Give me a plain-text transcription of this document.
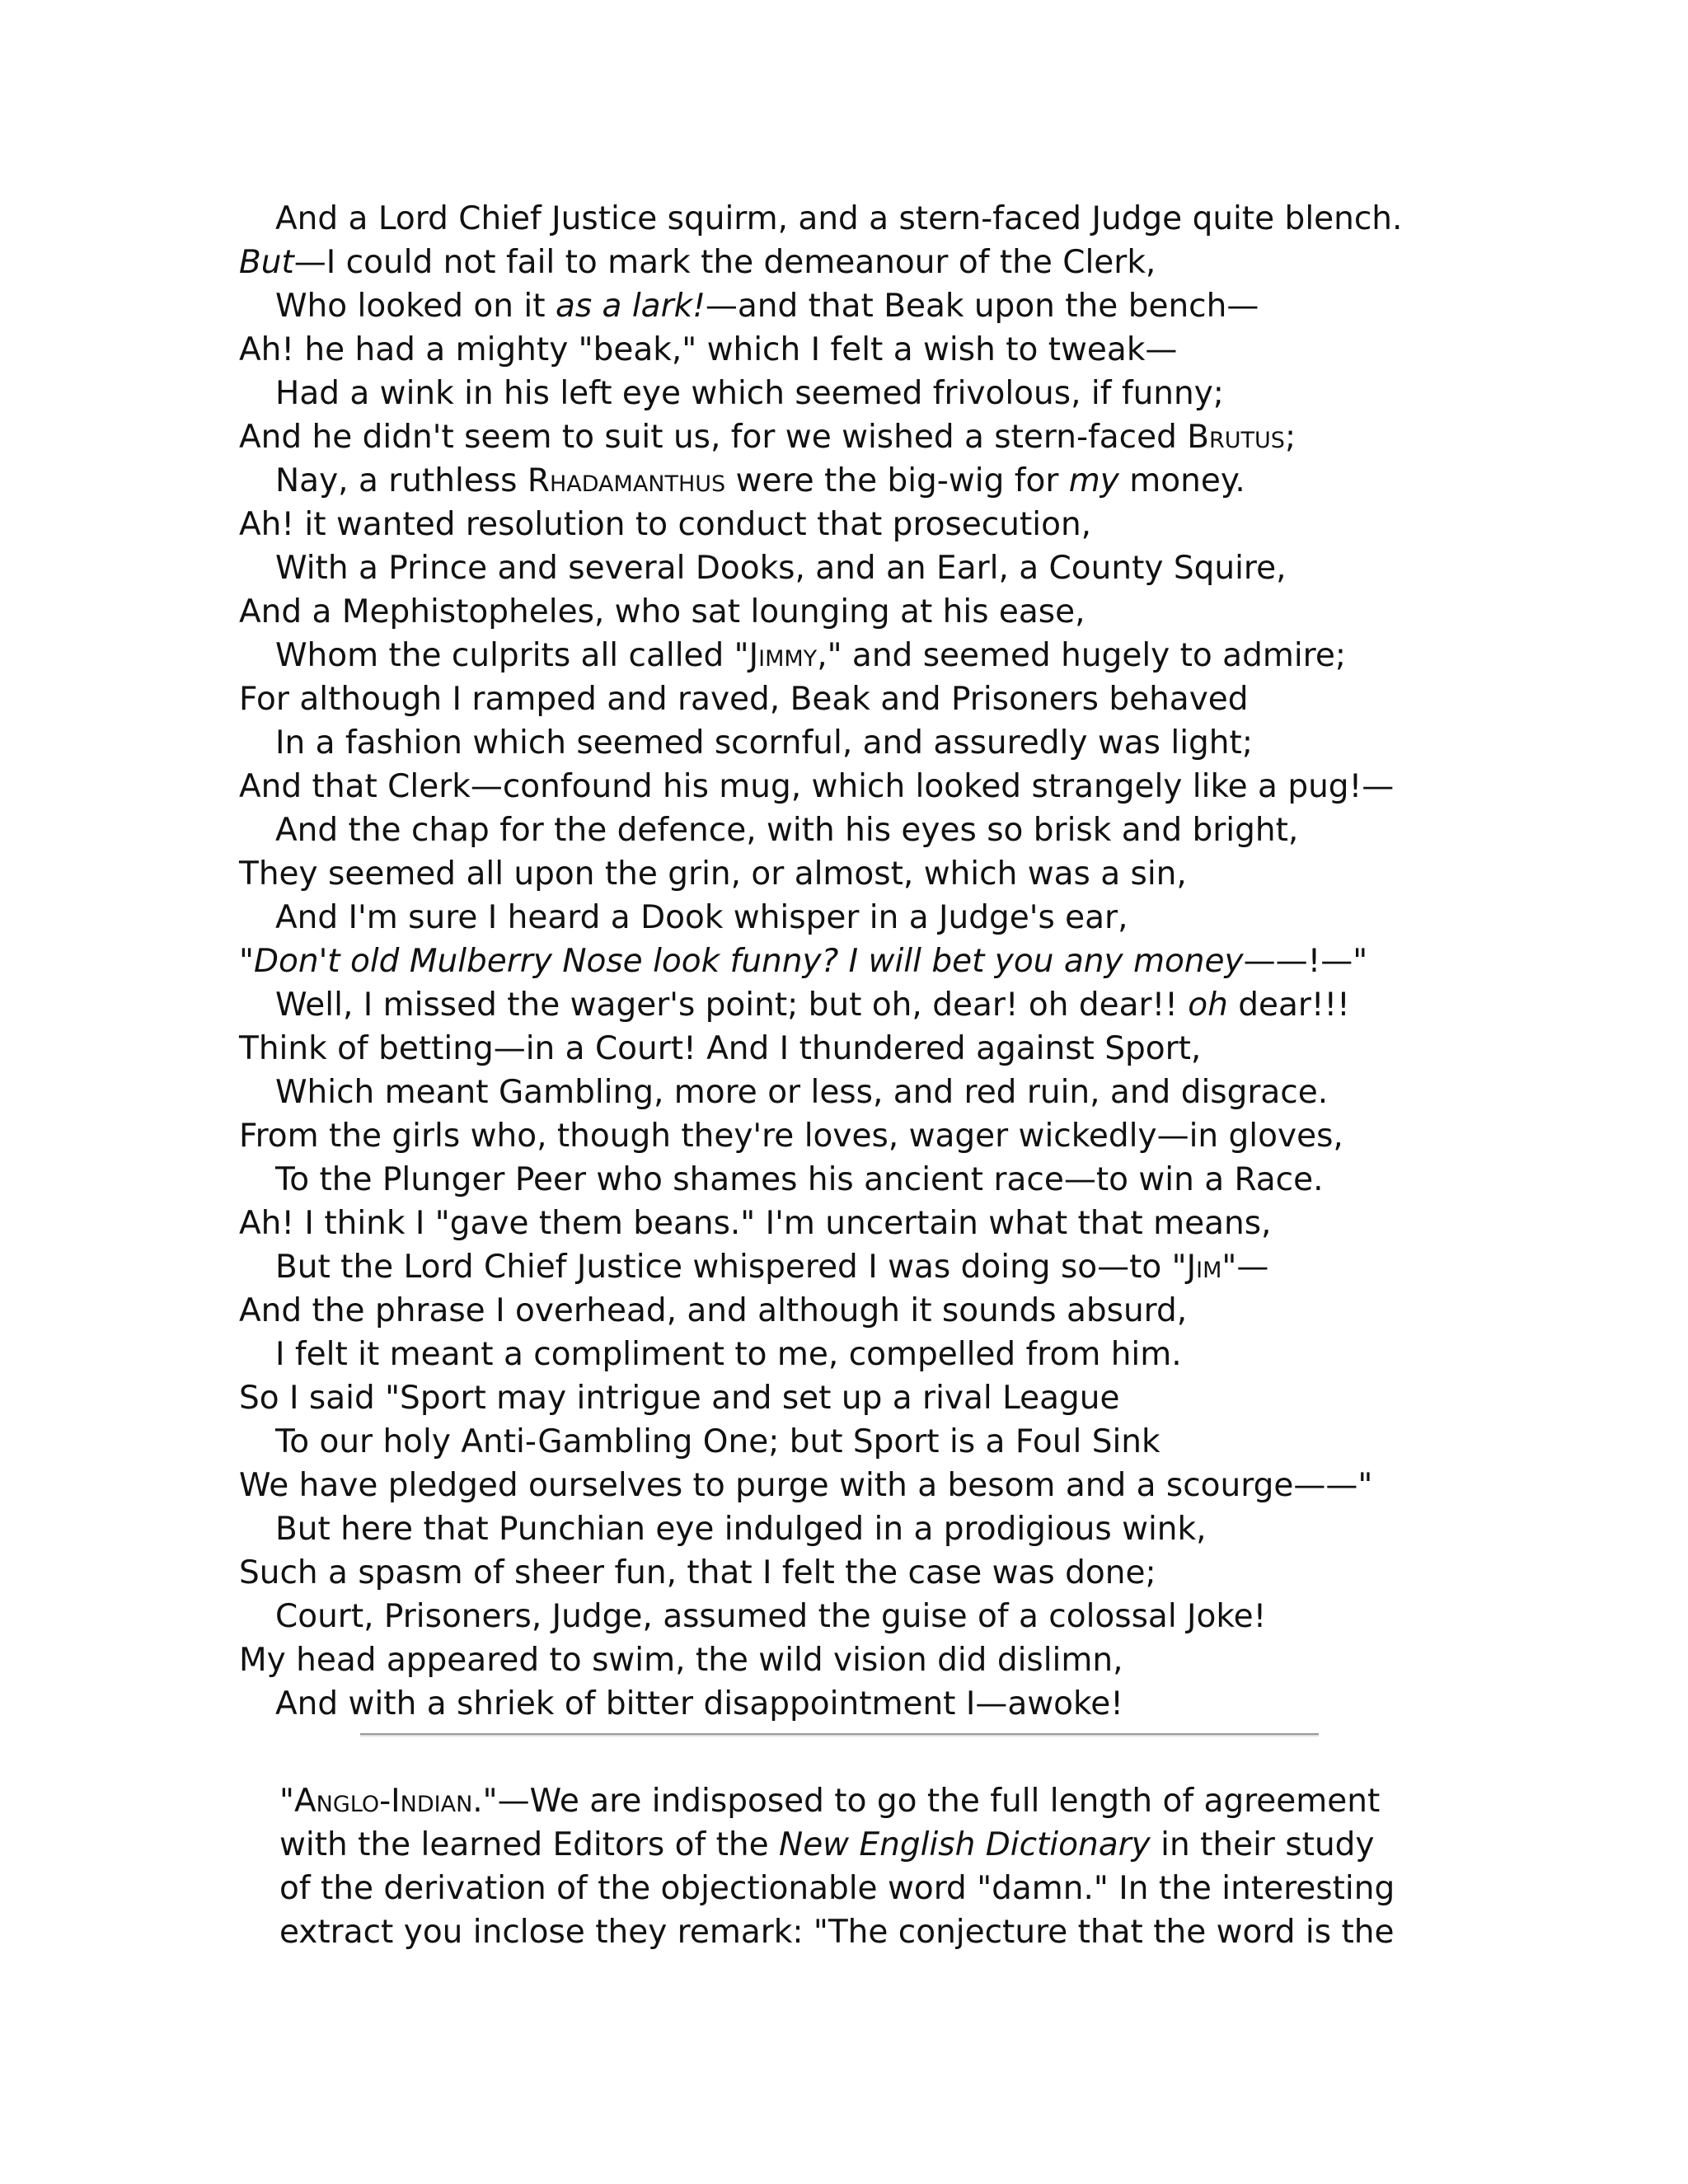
And a Lord Chief Justice squirm, and a stern-faced Judge quite blench.
But—I could not fail to mark the demeanour of the Clerk,
Who looked on it as a lark!—and that Beak upon the bench—
Ah! he had a mighty "beak," which I felt a wish to tweak—
Had a wink in his left eye which seemed frivolous, if funny;
And he didn't seem to suit us, for we wished a stern-faced Brutus;
Nay, a ruthless Rhadamanthus were the big-wig for my money.
Ah! it wanted resolution to conduct that prosecution,
With a Prince and several Dooks, and an Earl, a County Squire,
And a Mephistopheles, who sat lounging at his ease,
Whom the culprits all called "Jimmy," and seemed hugely to admire;
For although I ramped and raved, Beak and Prisoners behaved
In a fashion which seemed scornful, and assuredly was light;
And that Clerk—confound his mug, which looked strangely like a pug!—
And the chap for the defence, with his eyes so brisk and bright,
They seemed all upon the grin, or almost, which was a sin,
And I'm sure I heard a Dook whisper in a Judge's ear,
"Don't old Mulberry Nose look funny? I will bet you any money——!—"
Well, I missed the wager's point; but oh, dear! oh dear!! oh dear!!!
Think of betting—in a Court! And I thundered against Sport,
Which meant Gambling, more or less, and red ruin, and disgrace.
From the girls who, though they're loves, wager wickedly—in gloves,
To the Plunger Peer who shames his ancient race—to win a Race.
Ah! I think I "gave them beans." I'm uncertain what that means,
But the Lord Chief Justice whispered I was doing so—to "Jim"—
And the phrase I overhead, and although it sounds absurd,
I felt it meant a compliment to me, compelled from him.
So I said "Sport may intrigue and set up a rival League
To our holy Anti-Gambling One; but Sport is a Foul Sink
We have pledged ourselves to purge with a besom and a scourge——"
But here that Punchian eye indulged in a prodigious wink,
Such a spasm of sheer fun, that I felt the case was done;
Court, Prisoners, Judge, assumed the guise of a colossal Joke!
My head appeared to swim, the wild vision did dislimn,
And with a shriek of bitter disappointment I—awoke!

"Anglo-Indian."—We are indisposed to go the full length of agreement
with the learned Editors of the New English Dictionary in their study
of the derivation of the objectionable word "damn." In the interesting
extract you inclose they remark: "The conjecture that the word is the
